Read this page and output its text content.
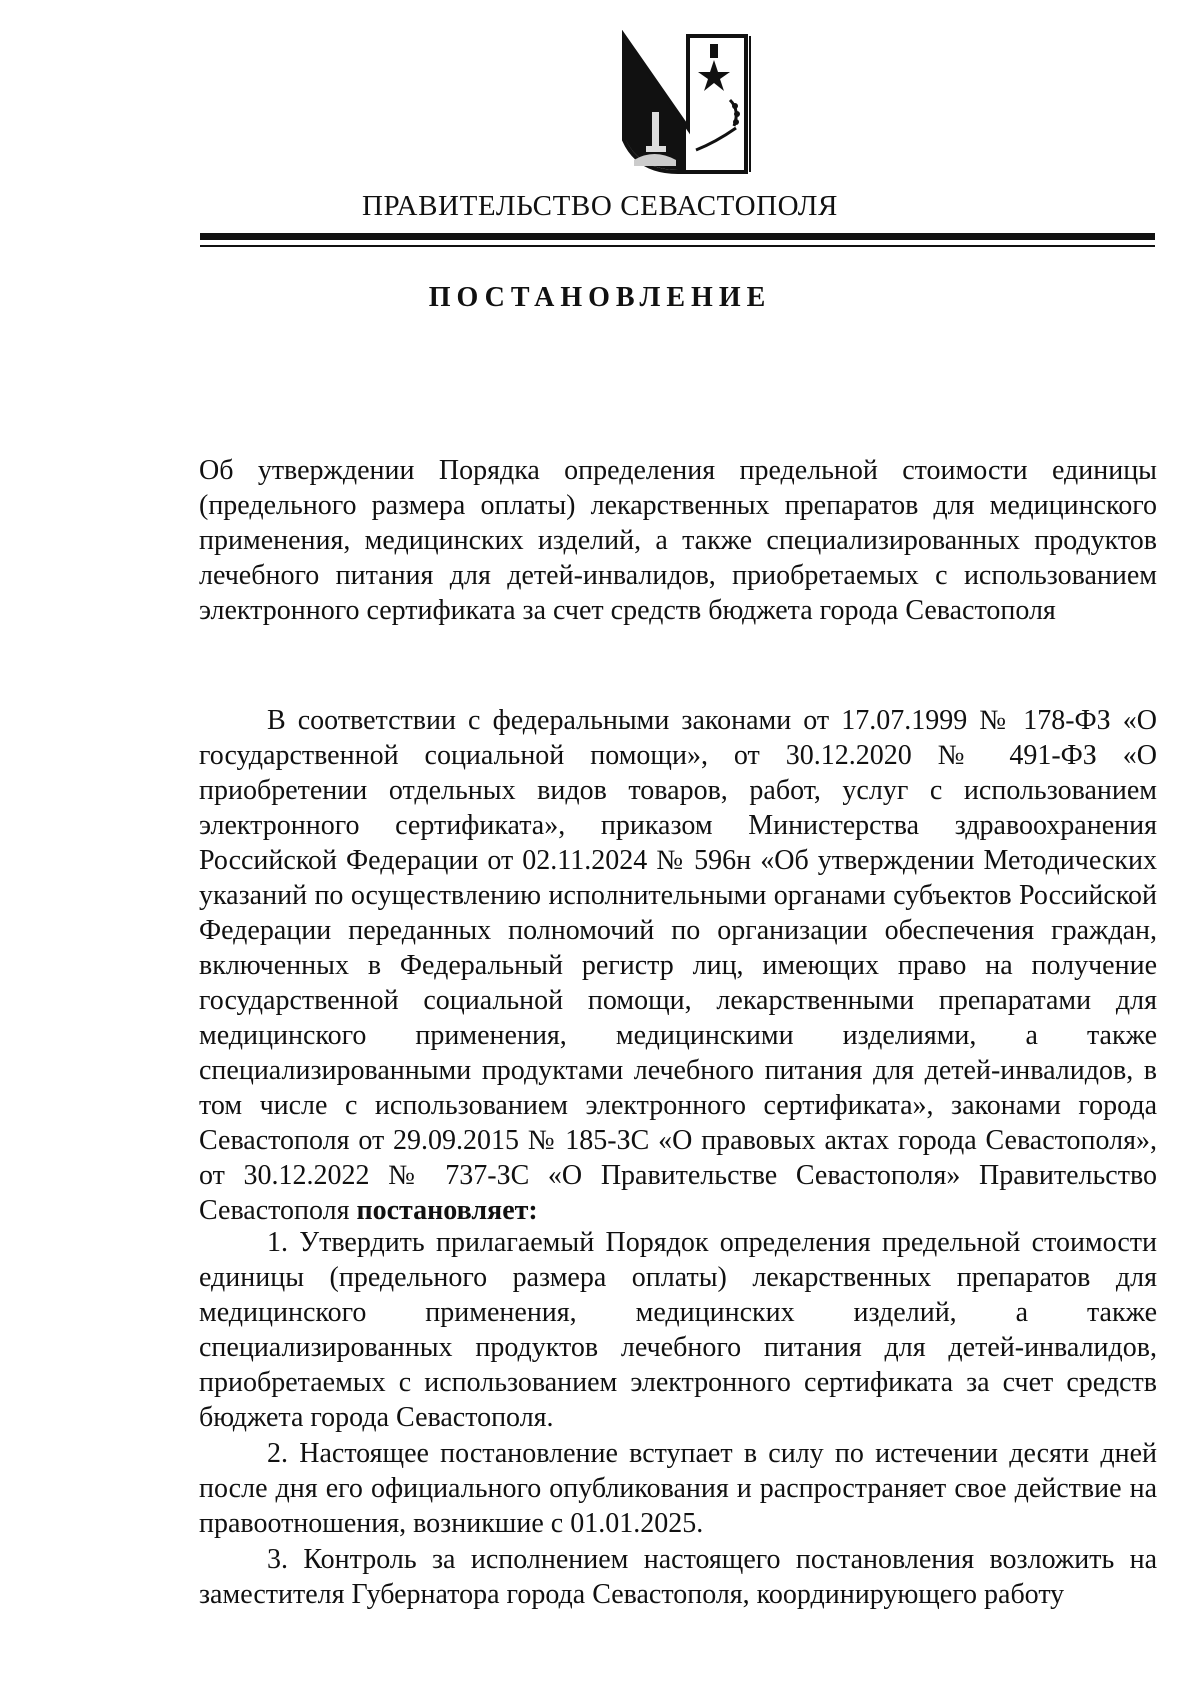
ПРАВИТЕЛЬСТВО СЕВАСТОПОЛЯ
ПОСТАНОВЛЕНИЕ

Об утверждении Порядка определения предельной стоимости единицы (предельного размера оплаты) лекарственных препаратов для медицинского применения, медицинских изделий, а также специализированных продуктов лечебного питания для детей-инвалидов, приобретаемых с использованием электронного сертификата за счет средств бюджета города Севастополя

В соответствии с федеральными законами от 17.07.1999 № 178-ФЗ «О государственной социальной помощи», от 30.12.2020 № 491-ФЗ «О приобретении отдельных видов товаров, работ, услуг с использованием электронного сертификата», приказом Министерства здравоохранения Российской Федерации от 02.11.2024 № 596н «Об утверждении Методических указаний по осуществлению исполнительными органами субъектов Российской Федерации переданных полномочий по организации обеспечения граждан, включенных в Федеральный регистр лиц, имеющих право на получение государственной социальной помощи, лекарственными препаратами для медицинского применения, медицинскими изделиями, а также специализированными продуктами лечебного питания для детей-инвалидов, в том числе с использованием электронного сертификата», законами города Севастополя от 29.09.2015 № 185-ЗС «О правовых актах города Севастополя», от 30.12.2022 № 737-ЗС «О Правительстве Севастополя» Правительство Севастополя постановляет:

1. Утвердить прилагаемый Порядок определения предельной стоимости единицы (предельного размера оплаты) лекарственных препаратов для медицинского применения, медицинских изделий, а также специализированных продуктов лечебного питания для детей-инвалидов, приобретаемых с использованием электронного сертификата за счет средств бюджета города Севастополя.

2. Настоящее постановление вступает в силу по истечении десяти дней после дня его официального опубликования и распространяет свое действие на правоотношения, возникшие с 01.01.2025.

3. Контроль за исполнением настоящего постановления возложить на заместителя Губернатора города Севастополя, координирующего работу
